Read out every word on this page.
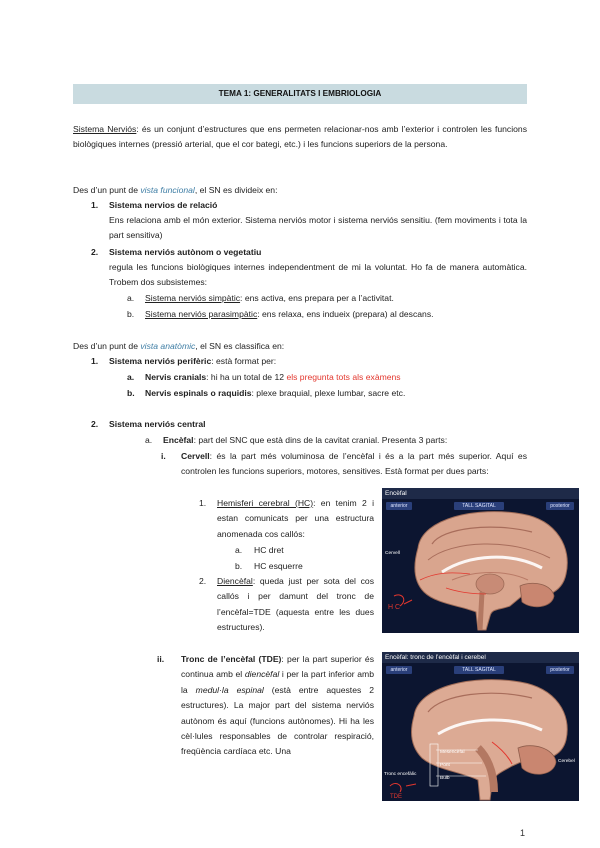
TEMA 1: GENERALITATS I EMBRIOLOGIA
Sistema Nerviós: és un conjunt d’estructures que ens permeten relacionar-nos amb l’exterior i controlen les funcions biològiques internes (pressió arterial, que el cor bategi, etc.) i les funcions superiors de la persona.
Des d’un punt de vista funcional, el SN es divideix en:
1. Sistema nervios de relació
Ens relaciona amb el món exterior. Sistema nerviós motor i sistema nerviós sensitiu. (fem moviments i tota la part sensitiva)
2. Sistema nerviós autònom o vegetatiu
regula les funcions biològiques internes independentment de mi la voluntat. Ho fa de manera automàtica. Trobem dos subsistemes:
a. Sistema nerviós simpàtic: ens activa, ens prepara per a l’activitat.
b. Sistema nerviós parasimpàtic: ens relaxa, ens indueix (prepara) al descans.
Des d’un punt de vista anatòmic, el SN es classifica en:
1. Sistema nerviós perifèric: està format per:
a. Nervis cranials: hi ha un total de 12 els pregunta tots als exàmens
b. Nervis espinals o raquidis: plexe braquial, plexe lumbar, sacre etc.
2. Sistema nerviós central
a. Encèfal: part del SNC que està dins de la cavitat cranial. Presenta 3 parts:
i. Cervell: és la part més voluminosa de l’encèfal i és a la part més superior. Aquí es controlen les funcions superiors, motores, sensitives. Està format per dues parts:
1. Hemisferi cerebral (HC): en tenim 2 i estan comunicats per una estructura anomenada cos callós:
a. HC dret
b. HC esquerre
2. Diencèfal: queda just per sota del cos callós i per damunt del tronc de l’encèfal=TDE (aquesta entre les dues estructures).
ii. Tronc de l’encèfal (TDE): per la part superior és continua amb el diencèfal i per la part inferior amb la medul·la espinal (està entre aquestes 2 estructures). La major part del sistema nerviós autònom és aquí (funcions autònomes). Hi ha les cèl·lules responsables de controlar respiració, freqüència cardíaca etc. Una
Encèfal
anterior	TALL SAGITAL	posterior
Cervell
H C
Encèfal: tronc de l’encèfal i cerebel
anterior	TALL SAGITAL	posterior
Mesencèfal
Pont
Bulb
Cerebel
Tronc encefàlic
TDE
1
